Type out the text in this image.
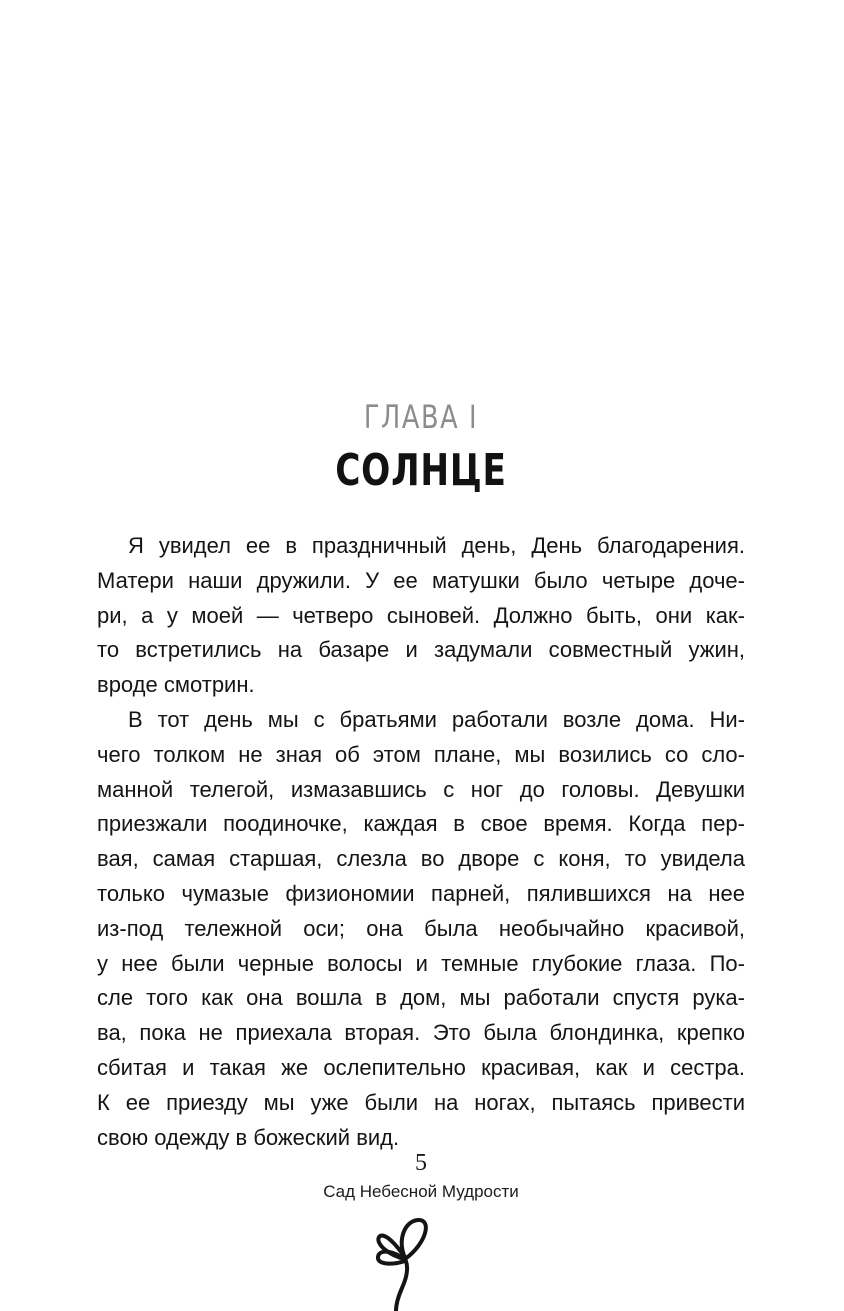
ГЛАВА I
СОЛНЦЕ
Я увидел ее в праздничный день, День благодарения.
Матери наши дружили. У ее матушки было четыре доче-
ри, а у моей — четверо сыновей. Должно быть, они как-
то встретились на базаре и задумали совместный ужин,
вроде смотрин.
В тот день мы с братьями работали возле дома. Ни-
чего толком не зная об этом плане, мы возились со сло-
манной телегой, измазавшись с ног до головы. Девушки
приезжали поодиночке, каждая в свое время. Когда пер-
вая, самая старшая, слезла во дворе с коня, то увидела
только чумазые физиономии парней, пялившихся на нее
из-под тележной оси; она была необычайно красивой,
у нее были черные волосы и темные глубокие глаза. По-
сле того как она вошла в дом, мы работали спустя рука-
ва, пока не приехала вторая. Это была блондинка, крепко
сбитая и такая же ослепительно красивая, как и сестра.
К ее приезду мы уже были на ногах, пытаясь привести
свою одежду в божеский вид.
5
Сад Небесной Мудрости
